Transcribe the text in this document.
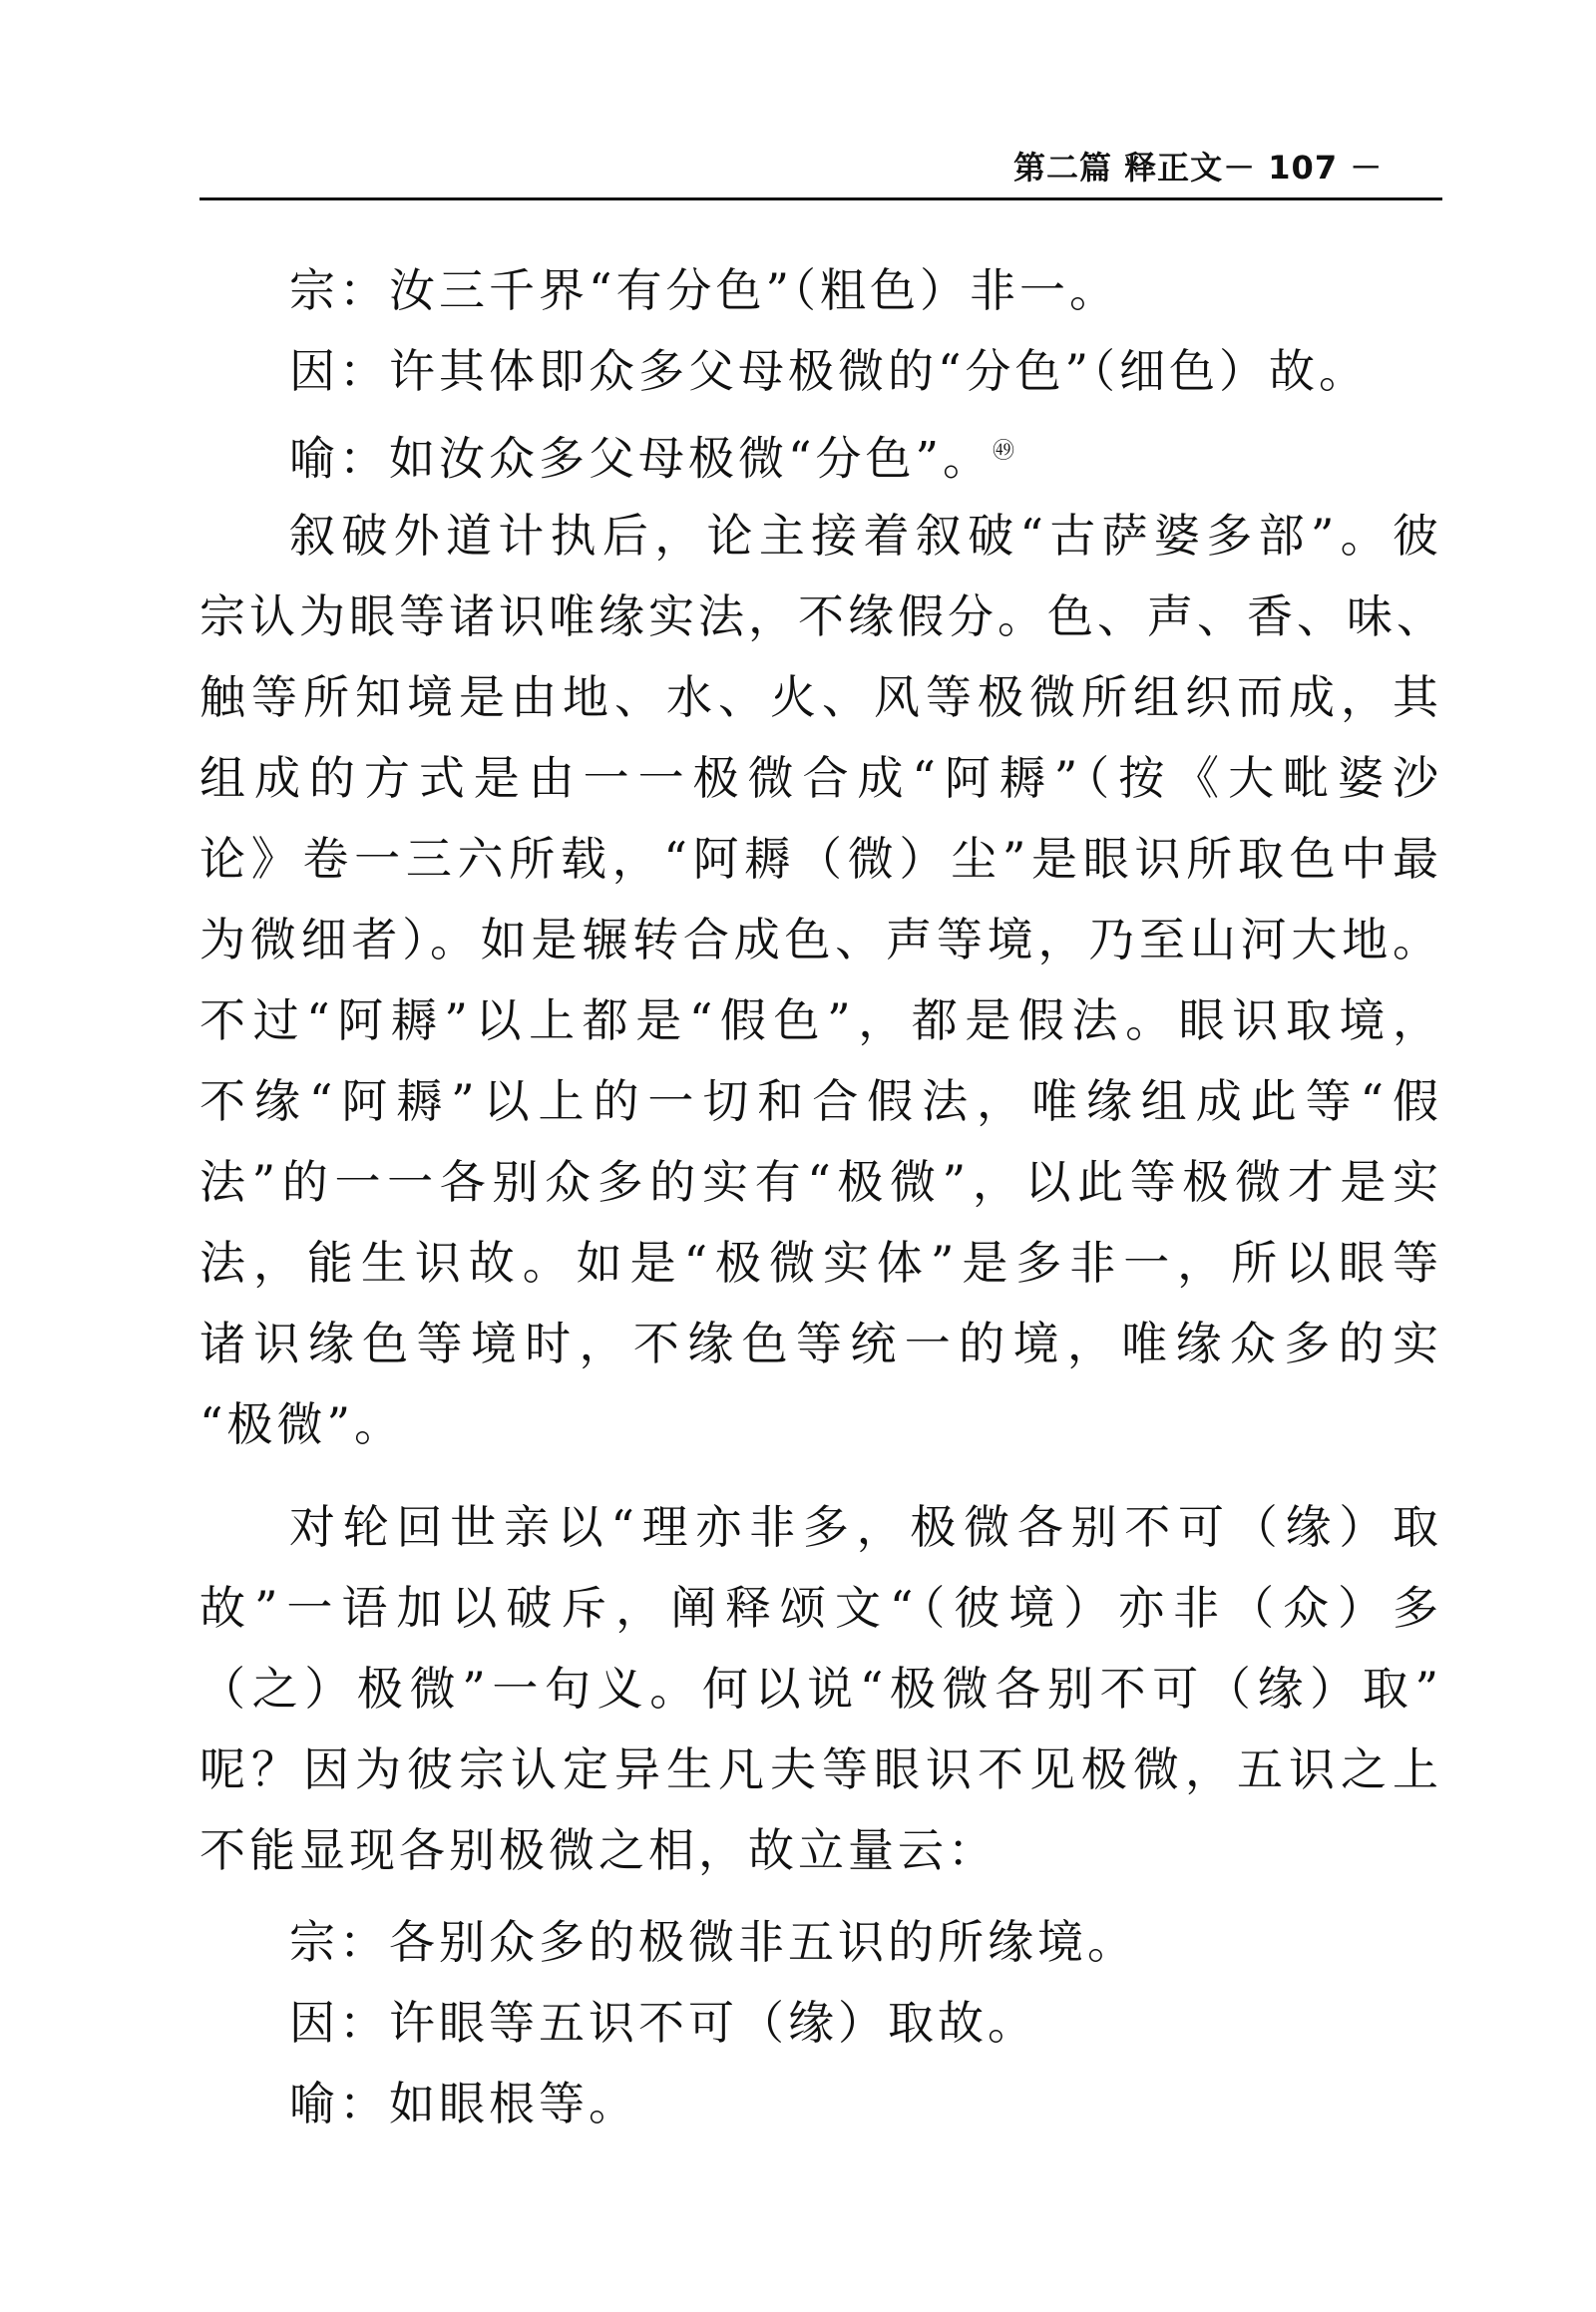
第二篇 释正文－ 107 －
宗：汝三千界“有分色”（粗色）非一。
因：许其体即众多父母极微的“分色”（细色）故。
喻：如汝众多父母极微“分色”。$^㊾$
叙破外道计执后，论主接着叙破“古萨婆多部”。彼
宗认为眼等诸识唯缘实法，不缘假分。色、声、香、味、
触等所知境是由地、水、火、风等极微所组织而成，其
组成的方式是由一一极微合成“阿耨”（按《大毗婆沙
论》卷一三六所载，“阿耨（微）尘”是眼识所取色中最
为微细者）。如是辗转合成色、声等境，乃至山河大地。
不过“阿耨”以上都是“假色”，都是假法。眼识取境，
不缘“阿耨”以上的一切和合假法，唯缘组成此等“假
法”的一一各别众多的实有“极微”，以此等极微才是实
法，能生识故。如是“极微实体”是多非一，所以眼等
诸识缘色等境时，不缘色等统一的境，唯缘众多的实
“极微”。
对轮回世亲以“理亦非多，极微各别不可（缘）取
故”一语加以破斥，阐释颂文“（彼境）亦非（众）多
（之）极微”一句义。何以说“极微各别不可（缘）取”
呢？因为彼宗认定异生凡夫等眼识不见极微，五识之上
不能显现各别极微之相，故立量云：
宗：各别众多的极微非五识的所缘境。
因：许眼等五识不可（缘）取故。
喻：如眼根等。
